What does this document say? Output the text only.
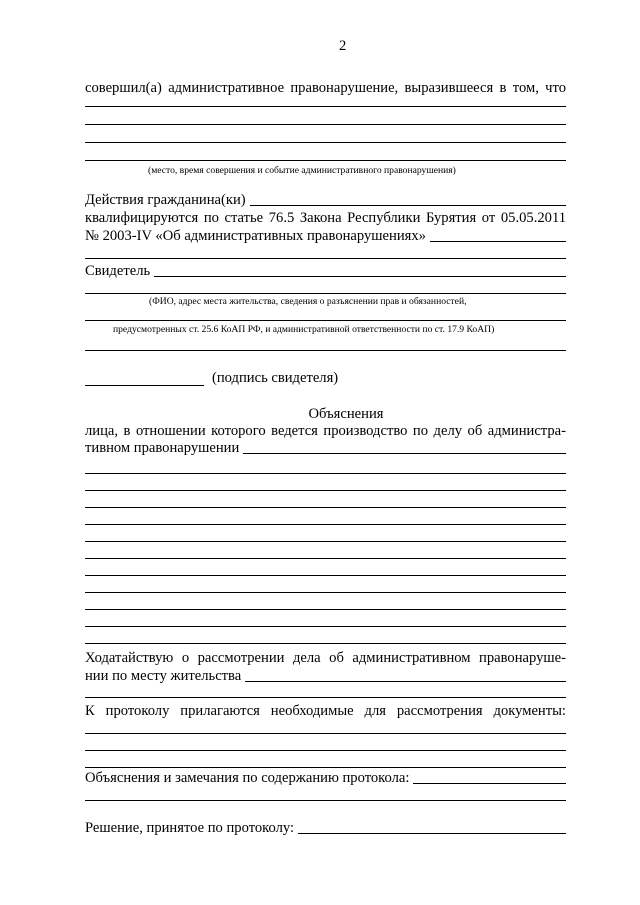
2
совершил(а) административное правонарушение, выразившееся в том, что
(место, время совершения и событие административного правонарушения)
Действия гражданина(ки)
квалифицируются по статье 76.5 Закона Республики Бурятия от 05.05.2011
№ 2003-IV «Об административных правонарушениях»
Свидетель
(ФИО, адрес места жительства, сведения о разъяснении прав и обязанностей,
предусмотренных ст. 25.6 КоАП РФ, и административной ответственности по ст. 17.9 КоАП)
(подпись свидетеля)
Объяснения
лица, в отношении которого ведется производство по делу об администра-
тивном правонарушении
Ходатайствую о рассмотрении дела об административном правонаруше-
нии по месту жительства
К протоколу прилагаются необходимые для рассмотрения документы:
Объяснения и замечания по содержанию протокола:
Решение, принятое по протоколу:
